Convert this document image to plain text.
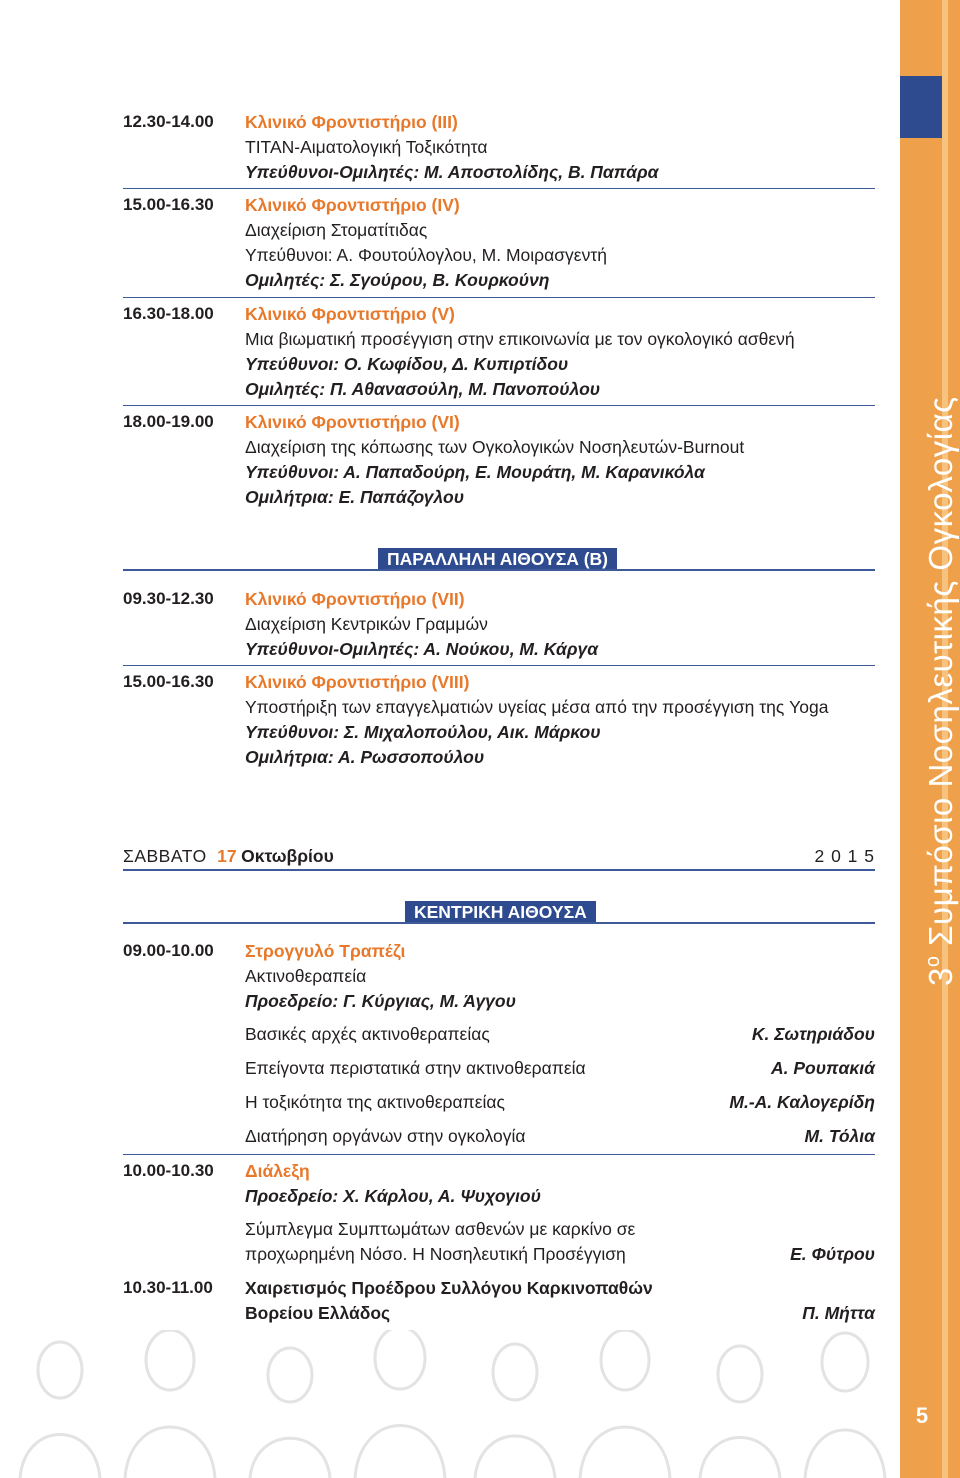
$3^o$ Συμπόσιο Νοσηλευτικής Ογκολογίας
5
12.30-14.00 Κλινικό Φροντιστήριο (ΙΙΙ)
ΤΙΤΑΝ-Αιματολογική Τοξικότητα
Υπεύθυνοι-Ομιλητές: Μ. Αποστολίδης, Β. Παπάρα
15.00-16.30 Κλινικό Φροντιστήριο (IV)
Διαχείριση Στοματίτιδας
Υπεύθυνοι: Α. Φουτούλογλου, Μ. Μοιρασγεντή
Ομιλητές: Σ. Σγούρου, Β. Κουρκούνη
16.30-18.00 Κλινικό Φροντιστήριο (V)
Μια βιωματική προσέγγιση στην επικοινωνία με τον ογκολογικό ασθενή
Υπεύθυνοι: Ο. Κωφίδου, Δ. Κυπιρτίδου
Ομιλητές: Π. Αθανασούλη, Μ. Πανοπούλου
18.00-19.00 Κλινικό Φροντιστήριο (VI)
Διαχείριση της κόπωσης των Ογκολογικών Νοσηλευτών-Burnout
Υπεύθυνοι: Α. Παπαδούρη, Ε. Μουράτη, Μ. Καρανικόλα
Ομιλήτρια: Ε. Παπάζογλου
ΠΑΡΑΛΛΗΛΗ ΑΙΘΟΥΣΑ (Β)
09.30-12.30 Κλινικό Φροντιστήριο (VII)
Διαχείριση Κεντρικών Γραμμών
Υπεύθυνοι-Ομιλητές: Α. Νούκου, Μ. Κάργα
15.00-16.30 Κλινικό Φροντιστήριο (VIII)
Υποστήριξη των επαγγελματιών υγείας μέσα από την προσέγγιση της Yoga
Υπεύθυνοι: Σ. Μιχαλοπούλου, Αικ. Μάρκου
Ομιλήτρια: Α. Ρωσσοπούλου
ΣΑΒΒΑΤΟ 17 Οκτωβρίου	2 0 1 5
ΚΕΝΤΡΙΚΗ ΑΙΘΟΥΣΑ
09.00-10.00 Στρογγυλό Τραπέζι
Ακτινοθεραπεία
Προεδρείο: Γ. Κύργιας, Μ. Άγγου
Βασικές αρχές ακτινοθεραπείας	Κ. Σωτηριάδου
Επείγοντα περιστατικά στην ακτινοθεραπεία	Α. Ρουπακιά
Η τοξικότητα της ακτινοθεραπείας	Μ.-Α. Καλογερίδη
Διατήρηση οργάνων στην ογκολογία	Μ. Τόλια
10.00-10.30 Διάλεξη
Προεδρείο: Χ. Κάρλου, Α. Ψυχογιού
Σύμπλεγμα Συμπτωμάτων ασθενών με καρκίνο σε
προχωρημένη Νόσο. Η Νοσηλευτική Προσέγγιση	Ε. Φύτρου
10.30-11.00 Χαιρετισμός Προέδρου Συλλόγου Καρκινοπαθών
Βορείου Ελλάδος	Π. Μήττα
